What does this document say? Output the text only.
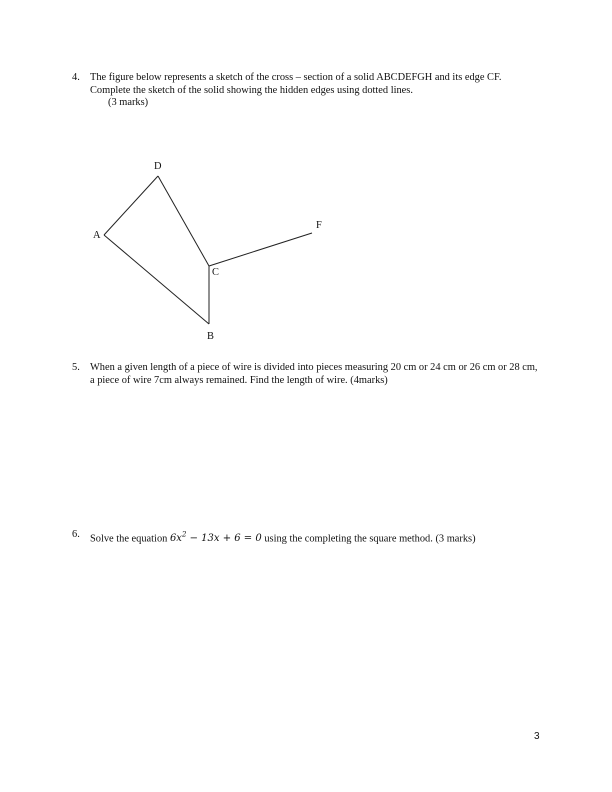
4. The figure below represents a sketch of the cross – section of a solid ABCDEFGH and its edge CF. Complete the sketch of the solid showing the hidden edges using dotted lines.
(3 marks)
D
A
F
C
B
5. When a given length of a piece of wire is divided into pieces measuring 20 cm or 24 cm or 26 cm or 28 cm, a piece of wire 7cm always remained. Find the length of wire. (4marks)
6. Solve the equation $6x^2 - 13x + 6 = 0$ using the completing the square method. (3 marks)
3
